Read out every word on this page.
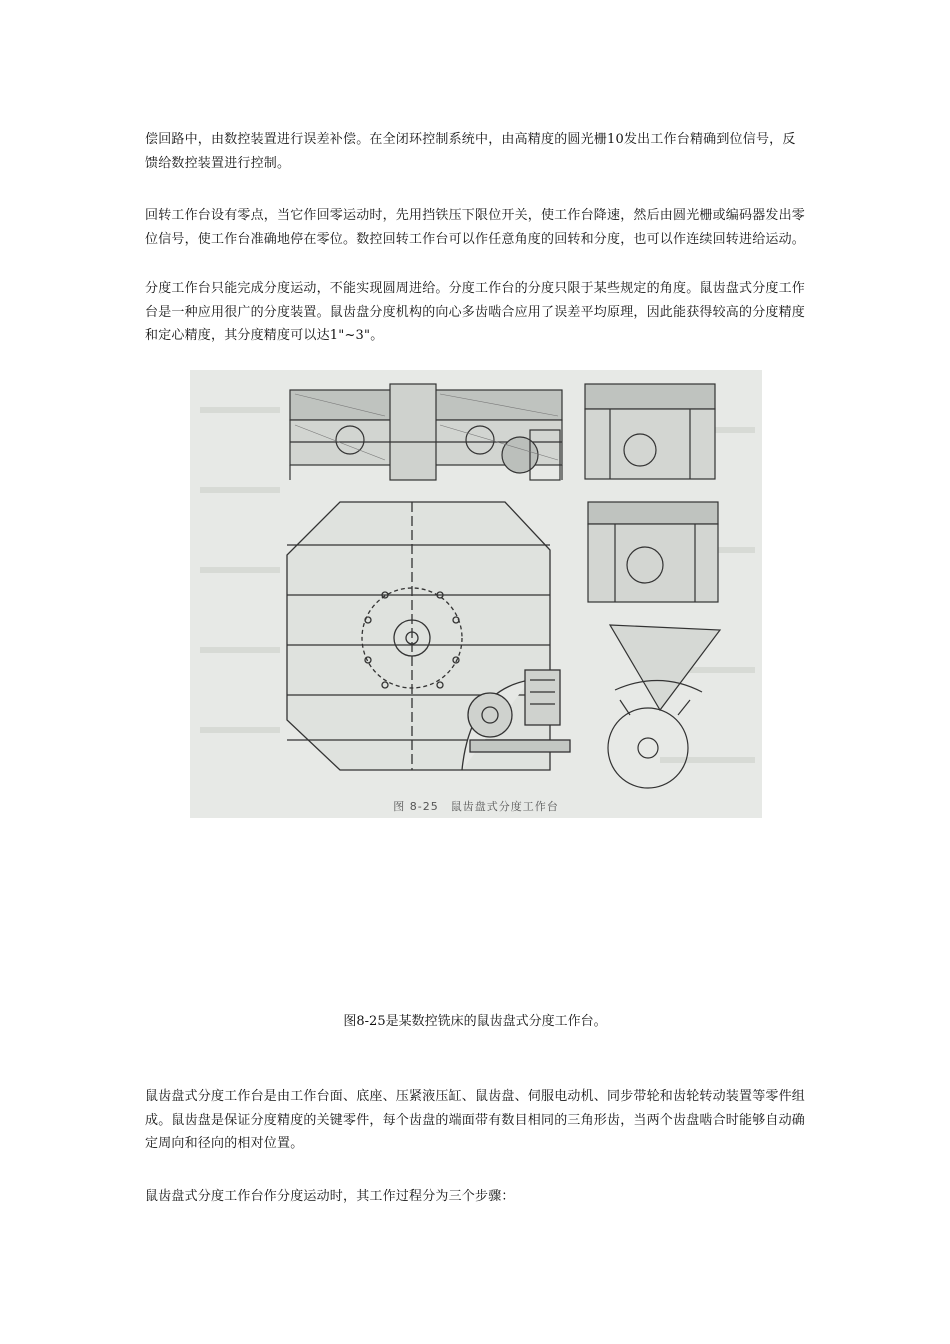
偿回路中，由数控装置进行误差补偿。在全闭环控制系统中，由高精度的圆光栅10发出工作台精确到位信号，反馈给数控装置进行控制。

回转工作台设有零点，当它作回零运动时，先用挡铁压下限位开关，使工作台降速，然后由圆光栅或编码器发出零位信号，使工作台准确地停在零位。数控回转工作台可以作任意角度的回转和分度，也可以作连续回转进给运动。

分度工作台只能完成分度运动，不能实现圆周进给。分度工作台的分度只限于某些规定的角度。鼠齿盘式分度工作台是一种应用很广的分度装置。鼠齿盘分度机构的向心多齿啮合应用了误差平均原理，因此能获得较高的分度精度和定心精度，其分度精度可以达1"~3"。

图 8-25　鼠齿盘式分度工作台
图8-25是某数控铣床的鼠齿盘式分度工作台。

鼠齿盘式分度工作台是由工作台面、底座、压紧液压缸、鼠齿盘、伺服电动机、同步带轮和齿轮转动装置等零件组成。鼠齿盘是保证分度精度的关键零件，每个齿盘的端面带有数目相同的三角形齿，当两个齿盘啮合时能够自动确定周向和径向的相对位置。

鼠齿盘式分度工作台作分度运动时，其工作过程分为三个步骤：
